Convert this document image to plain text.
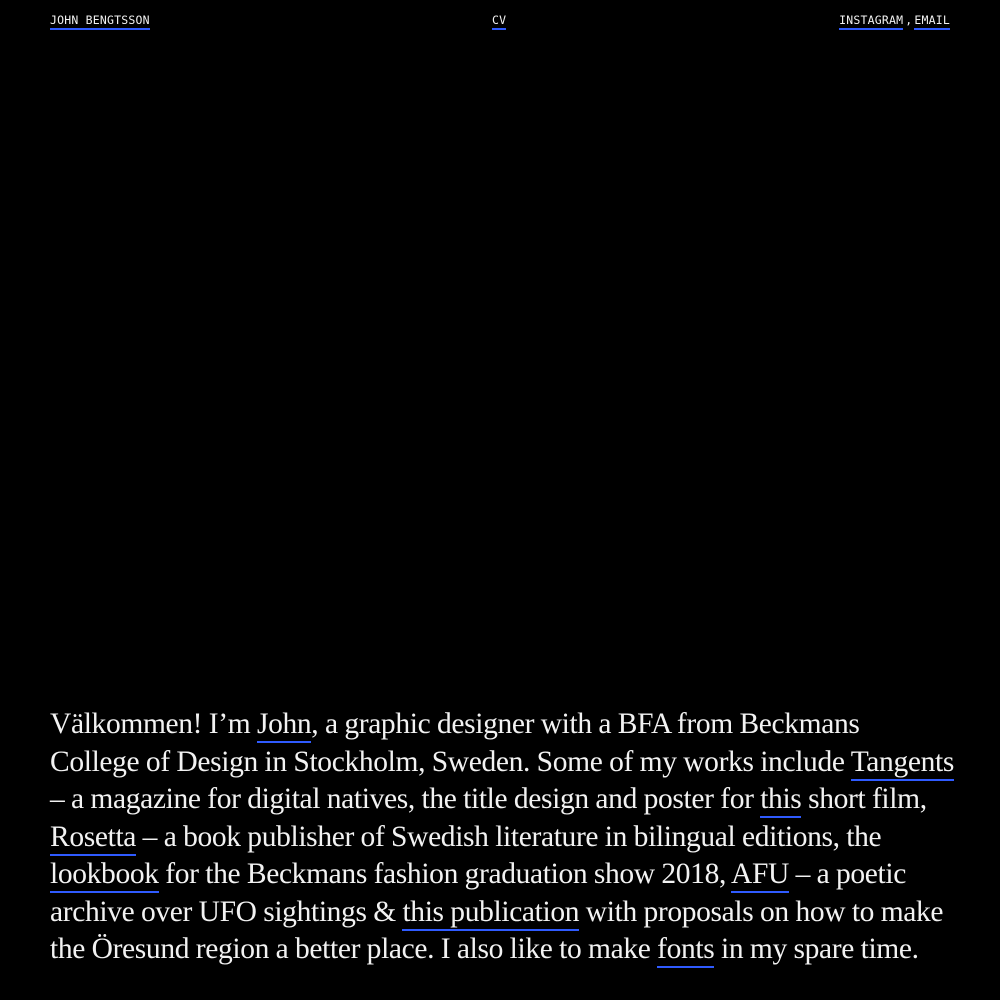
JOHN BENGTSSON	CV	INSTAGRAM , EMAIL

Välkommen! I’m John, a graphic designer with a BFA from Beckmans College of Design in Stockholm, Sweden. Some of my works include Tangents – a magazine for digital natives, the title design and poster for this short film, Rosetta – a book publisher of Swedish literature in bilingual editions, the lookbook for the Beckmans fashion graduation show 2018, AFU – a poetic archive over UFO sightings & this publication with proposals on how to make the Öresund region a better place. I also like to make fonts in my spare time.
